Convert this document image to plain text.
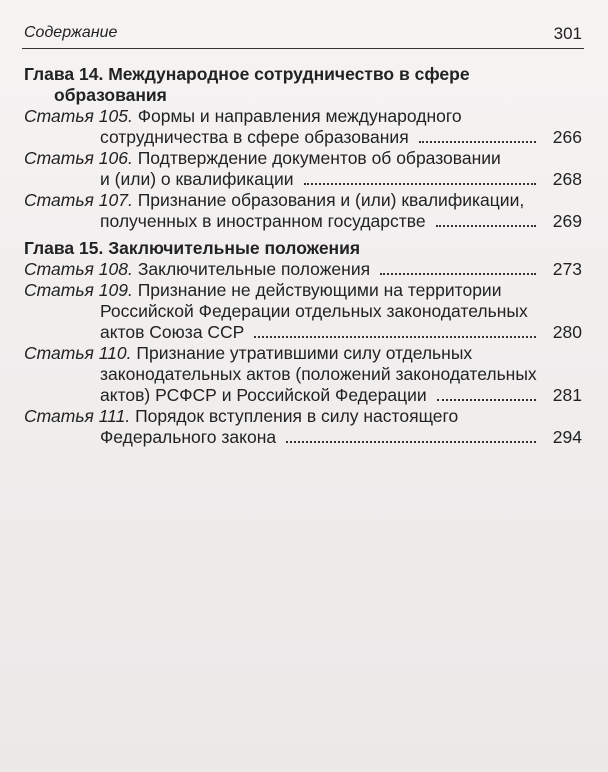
Содержание	301
Глава 14. Международное сотрудничество в сфере
образования
Статья 105. Формы и направления международного
сотрудничества в сфере образования	266
Статья 106. Подтверждение документов об образовании
и (или) о квалификации	268
Статья 107. Признание образования и (или) квалификации,
полученных в иностранном государстве	269
Глава 15. Заключительные положения
Статья 108. Заключительные положения	273
Статья 109. Признание не действующими на территории
Российской Федерации отдельных законодательных
актов Союза ССР	280
Статья 110. Признание утратившими силу отдельных
законодательных актов (положений законодательных
актов) РСФСР и Российской Федерации	281
Статья 111. Порядок вступления в силу настоящего
Федерального закона	294
